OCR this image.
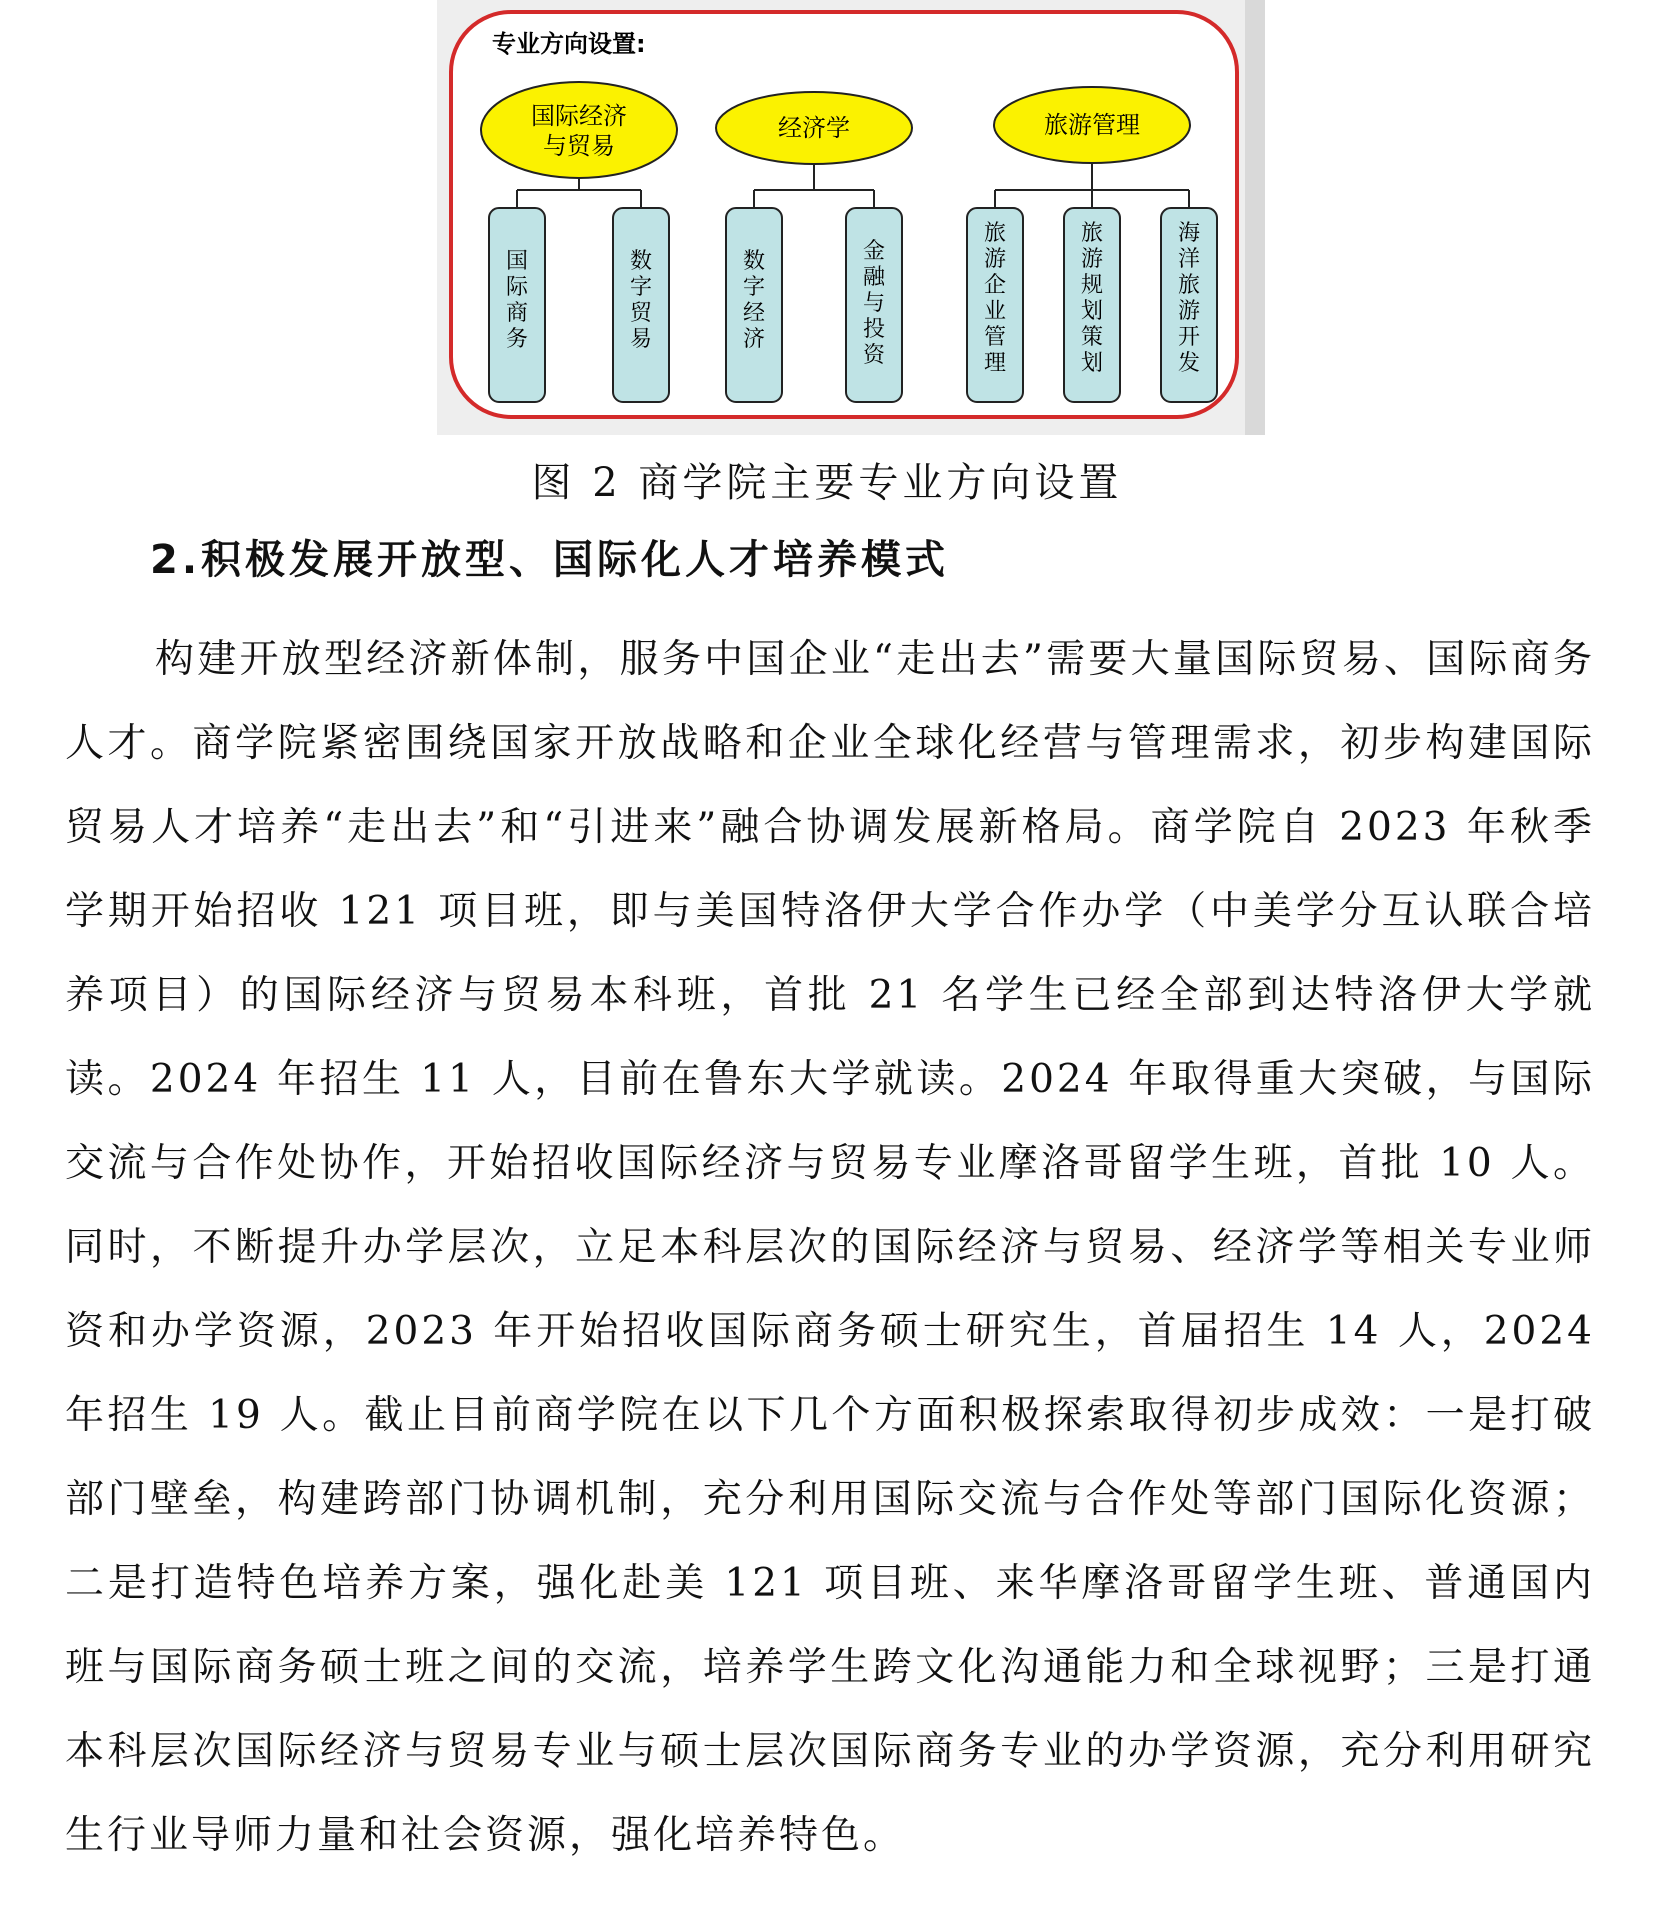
专业方向设置:
国际经济
与贸易
经济学	旅游管理
国
际
商
务
数
字
贸
易
数
字
经
济
金
融
与
投
资
旅
游
企
业
管
理
旅
游
规
划
策
划
海
洋
旅
游
开
发
图 2 商学院主要专业方向设置
2.积极发展开放型、国际化人才培养模式

构建开放型经济新体制，服务中国企业“走出去”需要大量国际贸易、国际商务人才。商学院紧密围绕国家开放战略和企业全球化经营与管理需求，初步构建国际贸易人才培养“走出去”和“引进来”融合协调发展新格局。商学院自 2023 年秋季学期开始招收 121 项目班，即与美国特洛伊大学合作办学（中美学分互认联合培养项目）的国际经济与贸易本科班，首批 21 名学生已经全部到达特洛伊大学就读。2024 年招生 11 人，目前在鲁东大学就读。2024 年取得重大突破，与国际交流与合作处协作，开始招收国际经济与贸易专业摩洛哥留学生班，首批 10 人。同时，不断提升办学层次，立足本科层次的国际经济与贸易、经济学等相关专业师资和办学资源，2023 年开始招收国际商务硕士研究生，首届招生 14 人，2024 年招生 19 人。截止目前商学院在以下几个方面积极探索取得初步成效：一是打破部门壁垒，构建跨部门协调机制，充分利用国际交流与合作处等部门国际化资源；二是打造特色培养方案，强化赴美 121 项目班、来华摩洛哥留学生班、普通国内班与国际商务硕士班之间的交流，培养学生跨文化沟通能力和全球视野；三是打通本科层次国际经济与贸易专业与硕士层次国际商务专业的办学资源，充分利用研究生行业导师力量和社会资源，强化培养特色。
